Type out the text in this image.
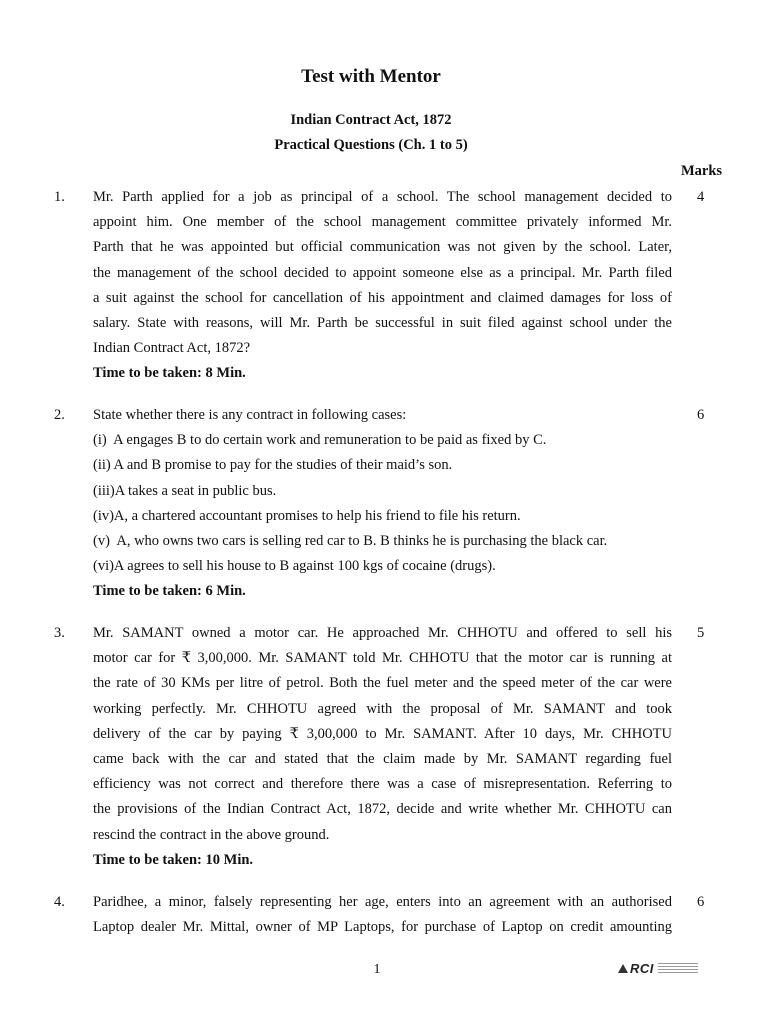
Test with Mentor
Indian Contract Act, 1872
Practical Questions (Ch. 1 to 5)
Marks
1.	4
Mr. Parth applied for a job as principal of a school. The school management decided to
appoint him. One member of the school management committee privately informed Mr.
Parth that he was appointed but official communication was not given by the school. Later,
the management of the school decided to appoint someone else as a principal. Mr. Parth filed
a suit against the school for cancellation of his appointment and claimed damages for loss of
salary. State with reasons, will Mr. Parth be successful in suit filed against school under the
Indian Contract Act, 1872?
Time to be taken: 8 Min.
2.	6
State whether there is any contract in following cases:
(i)  A engages B to do certain work and remuneration to be paid as fixed by C.
(ii) A and B promise to pay for the studies of their maid’s son.
(iii)A takes a seat in public bus.
(iv)A, a chartered accountant promises to help his friend to file his return.
(v)  A, who owns two cars is selling red car to B. B thinks he is purchasing the black car.
(vi)A agrees to sell his house to B against 100 kgs of cocaine (drugs).
Time to be taken: 6 Min.
3.	5
Mr. SAMANT owned a motor car. He approached Mr. CHHOTU and offered to sell his
motor car for ₹ 3,00,000. Mr. SAMANT told Mr. CHHOTU that the motor car is running at
the rate of 30 KMs per litre of petrol. Both the fuel meter and the speed meter of the car were
working perfectly. Mr. CHHOTU agreed with the proposal of Mr. SAMANT and took
delivery of the car by paying ₹ 3,00,000 to Mr. SAMANT. After 10 days, Mr. CHHOTU
came back with the car and stated that the claim made by Mr. SAMANT regarding fuel
efficiency was not correct and therefore there was a case of misrepresentation. Referring to
the provisions of the Indian Contract Act, 1872, decide and write whether Mr. CHHOTU can
rescind the contract in the above ground.
Time to be taken: 10 Min.
4.	6
Paridhee, a minor, falsely representing her age, enters into an agreement with an authorised
Laptop dealer Mr. Mittal, owner of MP Laptops, for purchase of Laptop on credit amounting
1	RCI
